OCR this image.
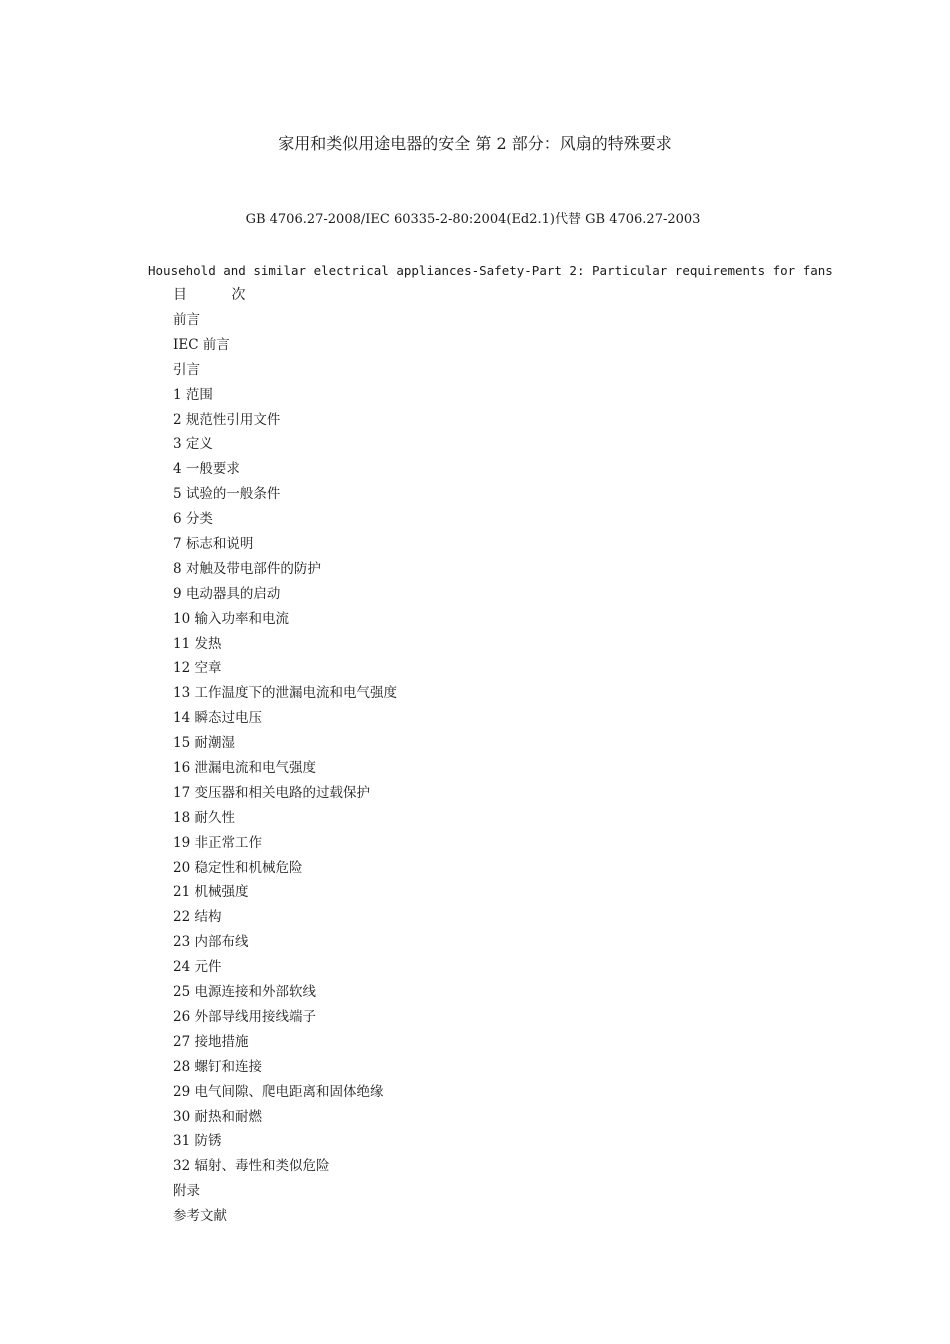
家用和类似用途电器的安全 第 2 部分：风扇的特殊要求
GB 4706.27-2008/IEC 60335-2-80:2004(Ed2.1)代替 GB 4706.27-2003
Household and similar electrical appliances-Safety-Part 2: Particular requirements for fans
目 次
前言
IEC 前言
引言
1 范围
2 规范性引用文件
3 定义
4 一般要求
5 试验的一般条件
6 分类
7 标志和说明
8 对触及带电部件的防护
9 电动器具的启动
10 输入功率和电流
11 发热
12 空章
13 工作温度下的泄漏电流和电气强度
14 瞬态过电压
15 耐潮湿
16 泄漏电流和电气强度
17 变压器和相关电路的过载保护
18 耐久性
19 非正常工作
20 稳定性和机械危险
21 机械强度
22 结构
23 内部布线
24 元件
25 电源连接和外部软线
26 外部导线用接线端子
27 接地措施
28 螺钉和连接
29 电气间隙、爬电距离和固体绝缘
30 耐热和耐燃
31 防锈
32 辐射、毒性和类似危险
附录
参考文献
